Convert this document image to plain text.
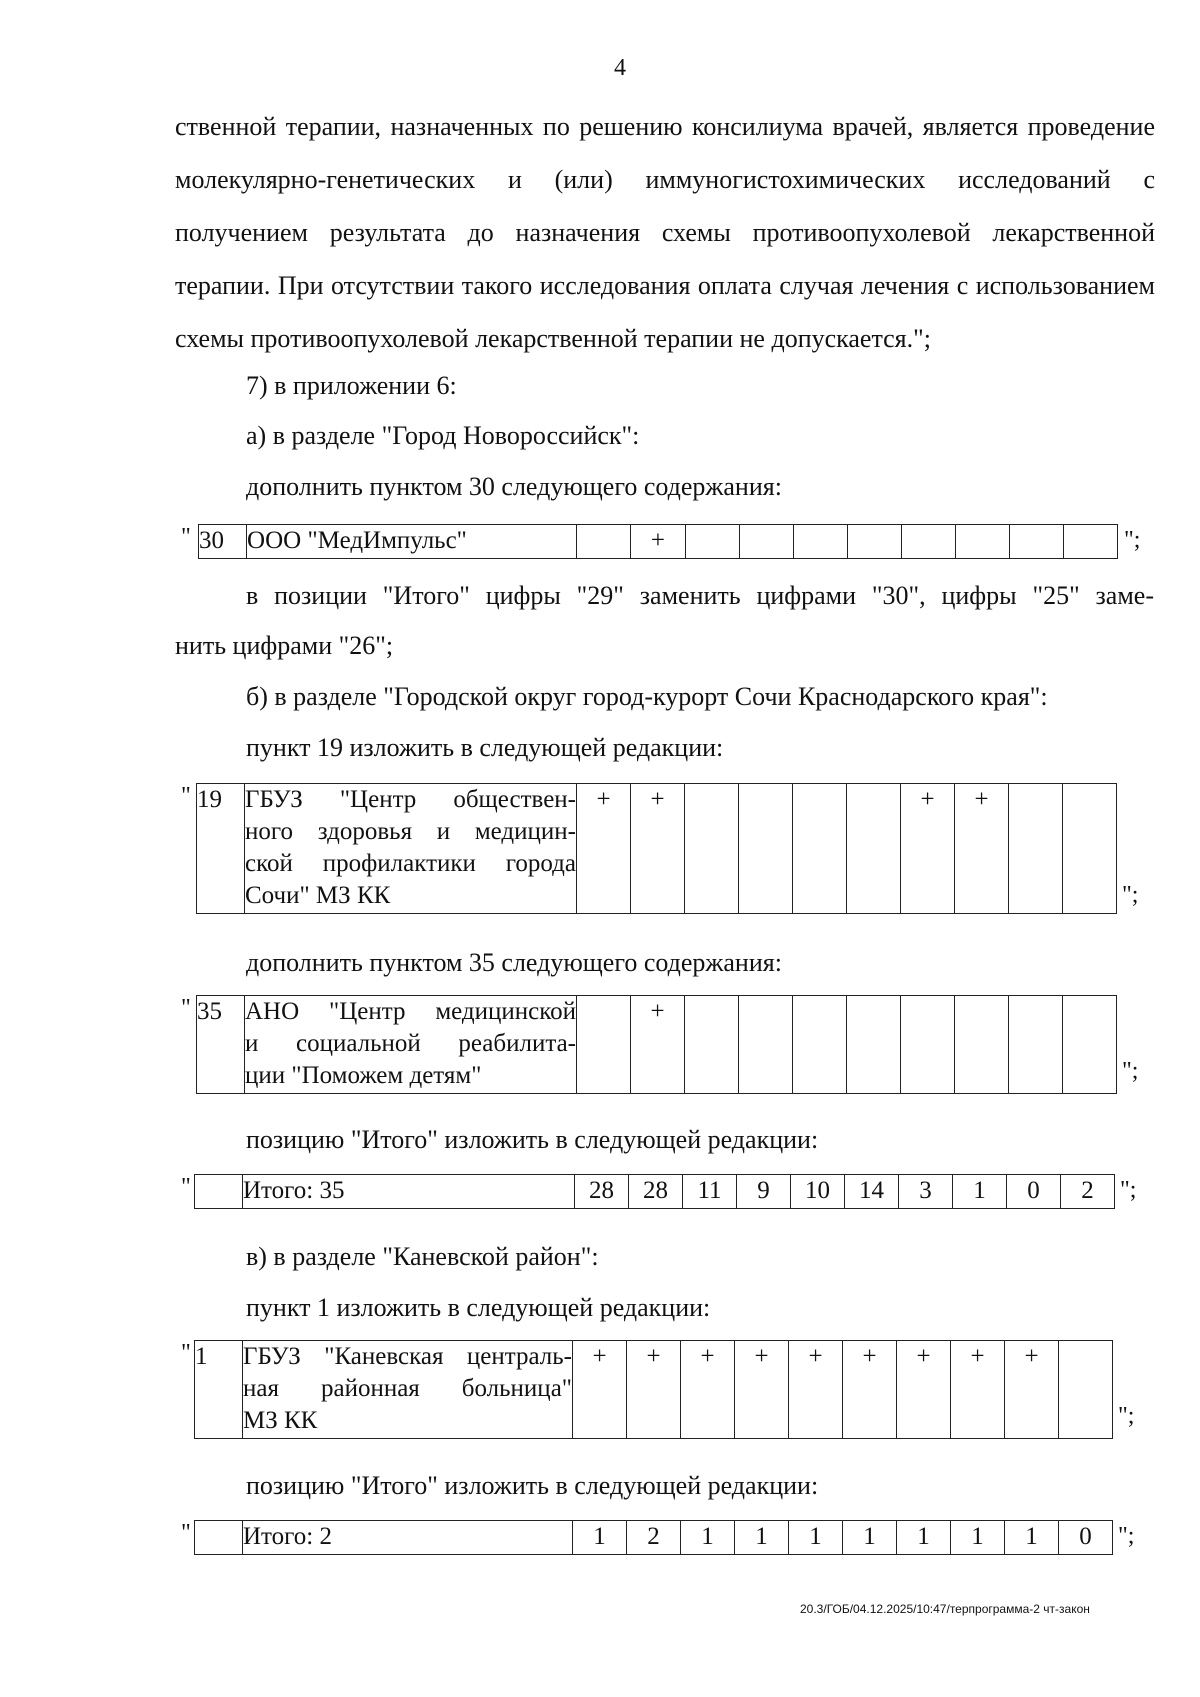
4
ственной терапии, назначенных по решению консилиума врачей, является проведение молекулярно-генетических и (или) иммуногистохимических исследований с получением результата до назначения схемы противоопухолевой лекарственной терапии. При отсутствии такого исследования оплата случая лечения с использованием схемы противоопухолевой лекарственной терапии не допускается.";
7) в приложении 6:
а) в разделе "Город Новороссийск":
дополнить пунктом 30 следующего содержания:
" 30	ООО "МедИмпульс"		+									";
в позиции "Итого" цифры "29" заменить цифрами "30", цифры "25" заме-
нить цифрами "26";
б) в разделе "Городской округ город-курорт Сочи Краснодарского края":
пункт 19 изложить в следующей редакции:
" 19	ГБУЗ "Центр обществен-
ного здоровья и медицин-
ской профилактики города
Сочи" МЗ КК
	+	+					+	+		
";
дополнить пунктом 35 следующего содержания:
" 35	АНО "Центр медицинской
и социальной реабилита-
ции "Поможем детям"
		+								
";
позицию "Итого" изложить в следующей редакции:
"
	Итого: 35	28	28	11	9	10	14	3	1	0	2 ";
в) в разделе "Каневской район":
пункт 1 изложить в следующей редакции:
" 1	ГБУЗ "Каневская централь-
ная районная больница"
МЗ КК
	+	+	+	+	+	+	+	+	+	
";
позицию "Итого" изложить в следующей редакции:
"
	Итого: 2	1	2	1	1	1	1	1	1	1	0 ";
20.3/ГОБ/04.12.2025/10:47/терпрограмма-2 чт-закон
